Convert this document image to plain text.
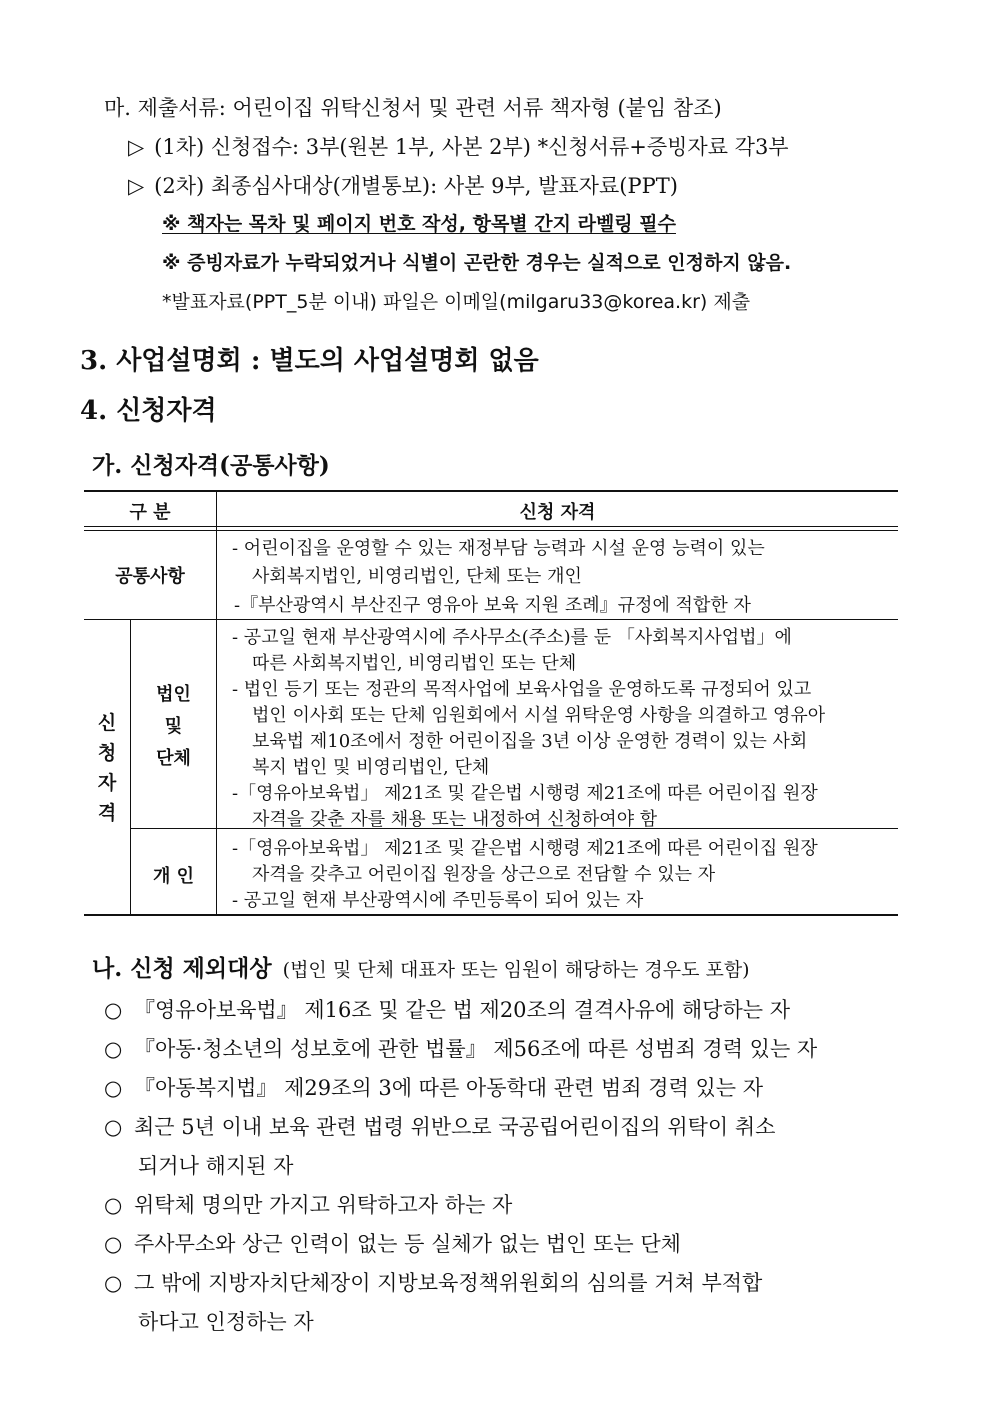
마. 제출서류: 어린이집 위탁신청서 및 관련 서류 책자형 (붙임 참조)
▷ (1차) 신청접수: 3부(원본 1부, 사본 2부) *신청서류+증빙자료 각3부
▷ (2차) 최종심사대상(개별통보): 사본 9부, 발표자료(PPT)
※ 책자는 목차 및 페이지 번호 작성, 항목별 간지 라벨링 필수
※ 증빙자료가 누락되었거나 식별이 곤란한 경우는 실적으로 인정하지 않음.
*발표자료(PPT_5분 이내) 파일은 이메일(milgaru33@korea.kr) 제출
3. 사업설명회 : 별도의 사업설명회 없음
4. 신청자격
가. 신청자격(공통사항)
구 분	신청 자격
공통사항
- 어린이집을 운영할 수 있는 재정부담 능력과 시설 운영 능력이 있는
사회복지법인, 비영리법인, 단체 또는 개인
-『부산광역시 부산진구 영유아 보육 지원 조례』규정에 적합한 자
신
청
자
격
법인
및
단체
- 공고일 현재 부산광역시에 주사무소(주소)를 둔 「사회복지사업법」에
따른 사회복지법인, 비영리법인 또는 단체
- 법인 등기 또는 정관의 목적사업에 보육사업을 운영하도록 규정되어 있고
법인 이사회 또는 단체 임원회에서 시설 위탁운영 사항을 의결하고 영유아
보육법 제10조에서 정한 어린이집을 3년 이상 운영한 경력이 있는 사회
복지 법인 및 비영리법인, 단체
-「영유아보육법」 제21조 및 같은법 시행령 제21조에 따른 어린이집 원장
자격을 갖춘 자를 채용 또는 내정하여 신청하여야 함
개 인
-「영유아보육법」 제21조 및 같은법 시행령 제21조에 따른 어린이집 원장
자격을 갖추고 어린이집 원장을 상근으로 전담할 수 있는 자
- 공고일 현재 부산광역시에 주민등록이 되어 있는 자
나. 신청 제외대상 (법인 및 단체 대표자 또는 임원이 해당하는 경우도 포함)
○ 『영유아보육법』 제16조 및 같은 법 제20조의 결격사유에 해당하는 자
○ 『아동·청소년의 성보호에 관한 법률』 제56조에 따른 성범죄 경력 있는 자
○ 『아동복지법』 제29조의 3에 따른 아동학대 관련 범죄 경력 있는 자
○ 최근 5년 이내 보육 관련 법령 위반으로 국공립어린이집의 위탁이 취소
되거나 해지된 자
○ 위탁체 명의만 가지고 위탁하고자 하는 자
○ 주사무소와 상근 인력이 없는 등 실체가 없는 법인 또는 단체
○ 그 밖에 지방자치단체장이 지방보육정책위원회의 심의를 거쳐 부적합
하다고 인정하는 자
